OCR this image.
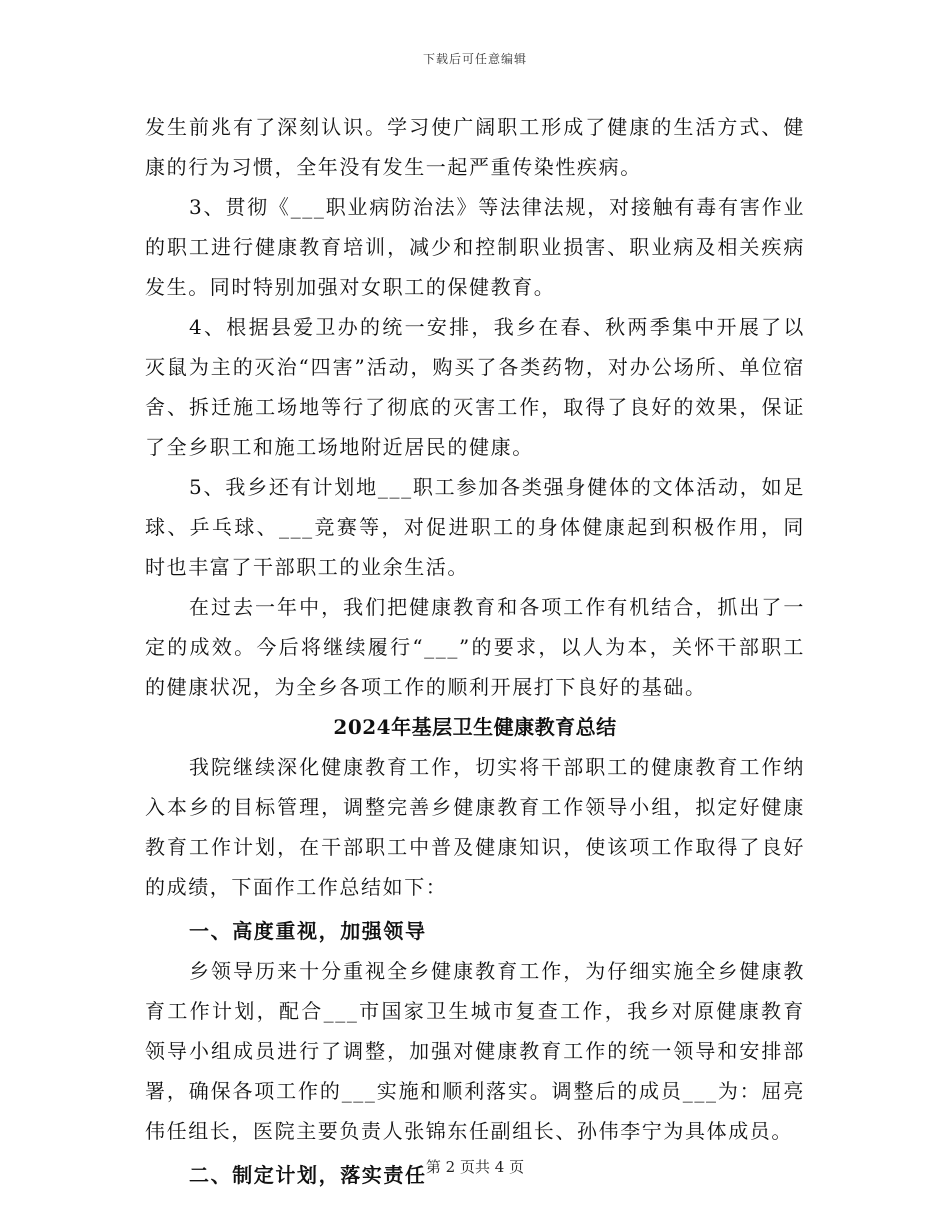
下载后可任意编辑

发生前兆有了深刻认识。学习使广阔职工形成了健康的生活方式、健康的行为习惯，全年没有发生一起严重传染性疾病。

3、贯彻《___职业病防治法》等法律法规，对接触有毒有害作业的职工进行健康教育培训，减少和控制职业损害、职业病及相关疾病发生。同时特别加强对女职工的保健教育。

4、根据县爱卫办的统一安排，我乡在春、秋两季集中开展了以灭鼠为主的灭治“四害”活动，购买了各类药物，对办公场所、单位宿舍、拆迁施工场地等行了彻底的灭害工作，取得了良好的效果，保证了全乡职工和施工场地附近居民的健康。

5、我乡还有计划地___职工参加各类强身健体的文体活动，如足球、乒乓球、___竞赛等，对促进职工的身体健康起到积极作用，同时也丰富了干部职工的业余生活。

在过去一年中，我们把健康教育和各项工作有机结合，抓出了一定的成效。今后将继续履行“___”的要求，以人为本，关怀干部职工的健康状况，为全乡各项工作的顺利开展打下良好的基础。

2024年基层卫生健康教育总结

我院继续深化健康教育工作，切实将干部职工的健康教育工作纳入本乡的目标管理，调整完善乡健康教育工作领导小组，拟定好健康教育工作计划，在干部职工中普及健康知识，使该项工作取得了良好的成绩，下面作工作总结如下：

一、高度重视，加强领导

乡领导历来十分重视全乡健康教育工作，为仔细实施全乡健康教育工作计划，配合___市国家卫生城市复查工作，我乡对原健康教育领导小组成员进行了调整，加强对健康教育工作的统一领导和安排部署，确保各项工作的___实施和顺利落实。调整后的成员___为：屈亮伟任组长，医院主要负责人张锦东任副组长、孙伟李宁为具体成员。

二、制定计划，落实责任 第 2 页共 4 页
